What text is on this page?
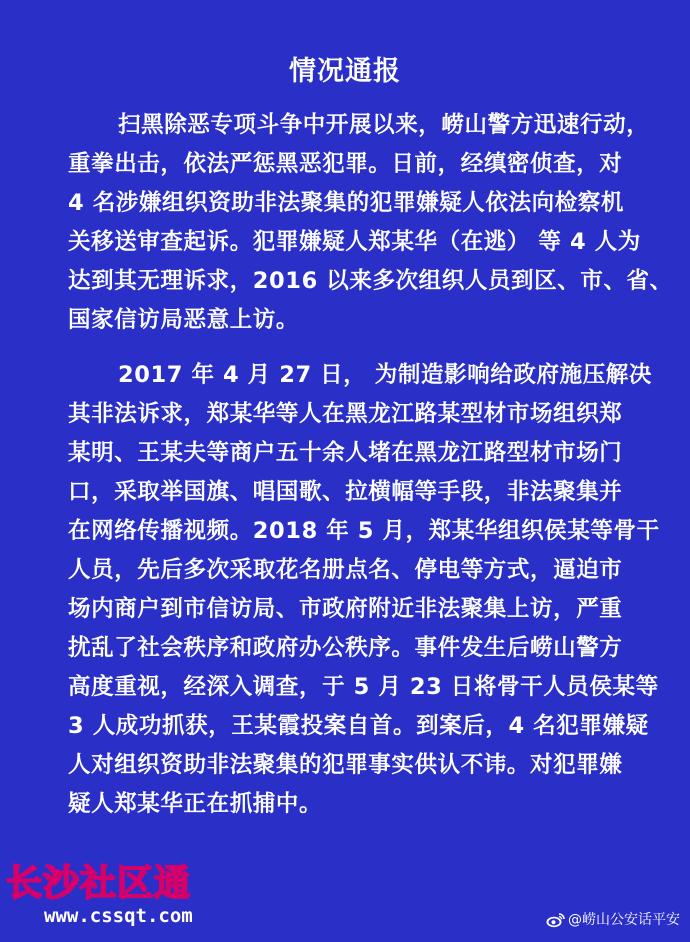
情况通报
扫黑除恶专项斗争中开展以来，崂山警方迅速行动，
重拳出击，依法严惩黑恶犯罪。日前，经缜密侦查，对
4 名涉嫌组织资助非法聚集的犯罪嫌疑人依法向检察机
关移送审查起诉。犯罪嫌疑人郑某华（在逃） 等 4 人为
达到其无理诉求，2016 以来多次组织人员到区、市、省、
国家信访局恶意上访。
2017 年 4 月 27 日， 为制造影响给政府施压解决
其非法诉求，郑某华等人在黑龙江路某型材市场组织郑
某明、王某夫等商户五十余人堵在黑龙江路型材市场门
口，采取举国旗、唱国歌、拉横幅等手段，非法聚集并
在网络传播视频。2018 年 5 月，郑某华组织侯某等骨干
人员，先后多次采取花名册点名、停电等方式，逼迫市
场内商户到市信访局、市政府附近非法聚集上访，严重
扰乱了社会秩序和政府办公秩序。事件发生后崂山警方
高度重视，经深入调查，于 5 月 23 日将骨干人员侯某等
3 人成功抓获，王某霞投案自首。到案后，4 名犯罪嫌疑
人对组织资助非法聚集的犯罪事实供认不讳。对犯罪嫌
疑人郑某华正在抓捕中。
长沙社区通
www.cssqt.com	@崂山公安话平安
